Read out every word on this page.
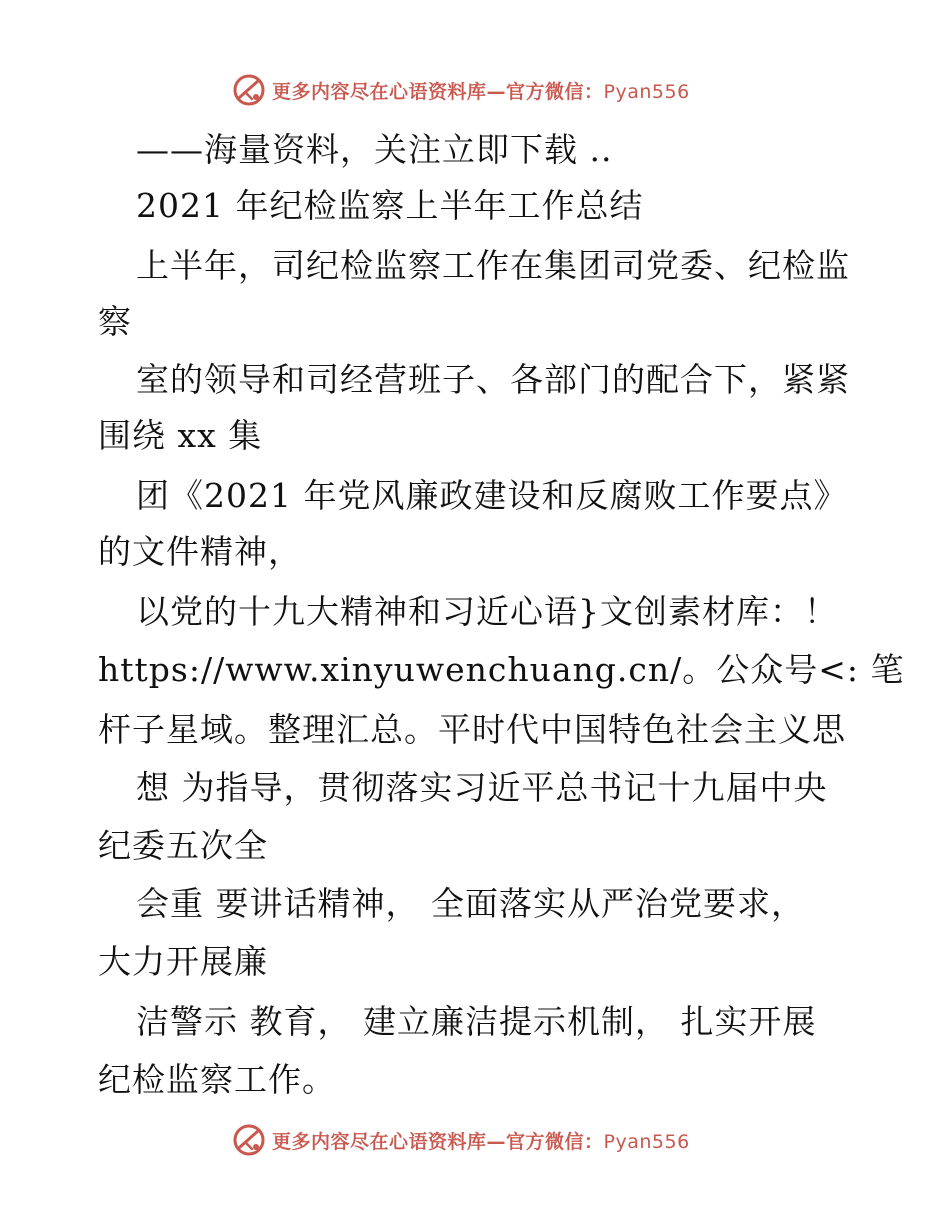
更多内容尽在心语资料库—官方微信：Pyan556
——海量资料，关注立即下载 ..
2021 年纪检监察上半年工作总结
上半年，司纪检监察工作在集团司党委、纪检监
察
室的领导和司经营班子、各部门的配合下，紧紧
围绕 xx 集
团《2021 年党风廉政建设和反腐败工作要点》
的文件精神，
以党的十九大精神和习近心语}文创素材库：！
https://www.xinyuwenchuang.cn/。公众号<: 笔
杆子星域。整理汇总。平时代中国特色社会主义思
想 为指导，贯彻落实习近平总书记十九届中央
纪委五次全
会重 要讲话精神， 全面落实从严治党要求，
大力开展廉
洁警示 教育， 建立廉洁提示机制， 扎实开展
纪检监察工作。
更多内容尽在心语资料库—官方微信：Pyan556
